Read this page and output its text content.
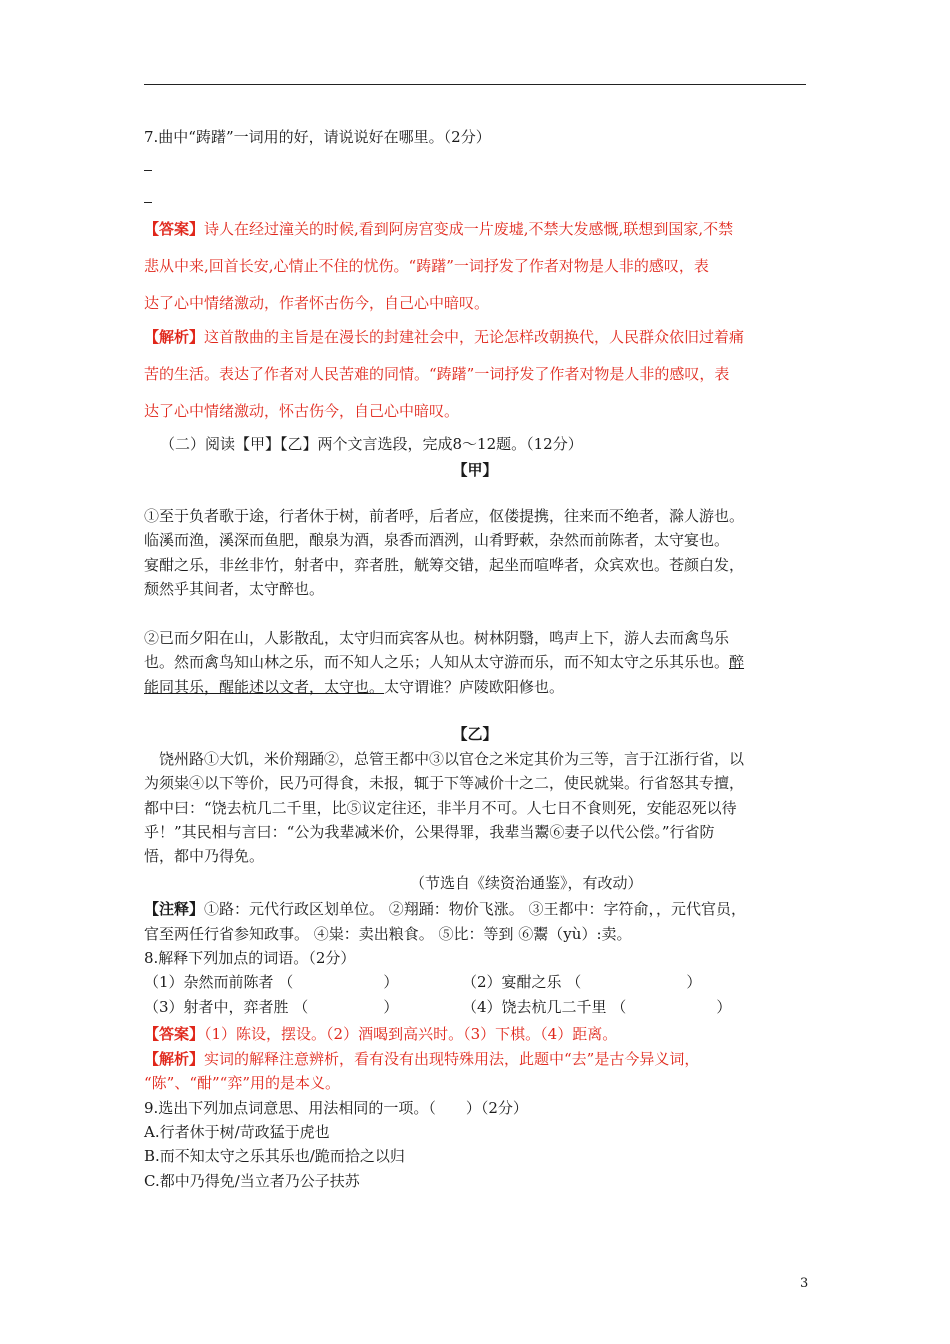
7.曲中“踌躇”一词用的好，请说说好在哪里。（2分）
【答案】诗人在经过潼关的时候,看到阿房宫变成一片废墟,不禁大发感慨,联想到国家,不禁
悲从中来,回首长安,心情止不住的忧伤。“踌躇”一词抒发了作者对物是人非的感叹，表
达了心中情绪激动，作者怀古伤今，自己心中暗叹。
【解析】这首散曲的主旨是在漫长的封建社会中，无论怎样改朝换代，人民群众依旧过着痛
苦的生活。表达了作者对人民苦难的同情。“踌躇”一词抒发了作者对物是人非的感叹，表
达了心中情绪激动，怀古伤今，自己心中暗叹。
（二）阅读【甲】【乙】两个文言选段，完成8～12题。（12分）
【甲】
①至于负者歌于途，行者休于树，前者呼，后者应，伛偻提携，往来而不绝者，滁人游也。
临溪而渔，溪深而鱼肥，酿泉为酒，泉香而酒洌，山肴野蔌，杂然而前陈者，太守宴也。
宴酣之乐，非丝非竹，射者中，弈者胜，觥筹交错，起坐而喧哗者，众宾欢也。苍颜白发，
颓然乎其间者，太守醉也。
②已而夕阳在山，人影散乱，太守归而宾客从也。树林阴翳，鸣声上下，游人去而禽鸟乐
也。然而禽鸟知山林之乐，而不知人之乐；人知从太守游而乐，而不知太守之乐其乐也。醉
能同其乐，醒能述以文者，太守也。太守谓谁？庐陵欧阳修也。
【乙】
　饶州路①大饥，米价翔踊②，总管王都中③以官仓之米定其价为三等，言于江浙行省，以
为须粜④以下等价，民乃可得食，未报，辄于下等减价十之二，使民就粜。行省怒其专擅，
都中曰：“饶去杭几二千里，比⑤议定往还，非半月不可。人七日不食则死，安能忍死以待
乎！”其民相与言曰：“公为我辈减米价，公果得罪，我辈当鬻⑥妻子以代公偿。”行省防
悟，都中乃得免。
（节选自《续资治通鉴》，有改动）
【注释】①路：元代行政区划单位。 ②翔踊：物价飞涨。 ③王都中：字符俞，，元代官员，
官至两任行省参知政事。 ④粜：卖出粮食。 ⑤比：等到 ⑥鬻（yù）:卖。
8.解释下列加点的词语。（2分）
（1）杂然而前陈者 （　　　　　　）	（2）宴酣之乐 （　　　　　　　）
（3）射者中，弈者胜 （　　　　　）	（4）饶去杭几二千里 （　　　　　　）
【答案】（1）陈设，摆设。（2）酒喝到高兴时。（3）下棋。（4）距离。
【解析】实词的解释注意辨析，看有没有出现特殊用法，此题中“去”是古今异义词，
“陈”、“酣”“弈”用的是本义。
9.选出下列加点词意思、用法相同的一项。（　　）（2分）
A.行者休于树/苛政猛于虎也
B.而不知太守之乐其乐也/跪而拾之以归
C.都中乃得免/当立者乃公子扶苏
3
